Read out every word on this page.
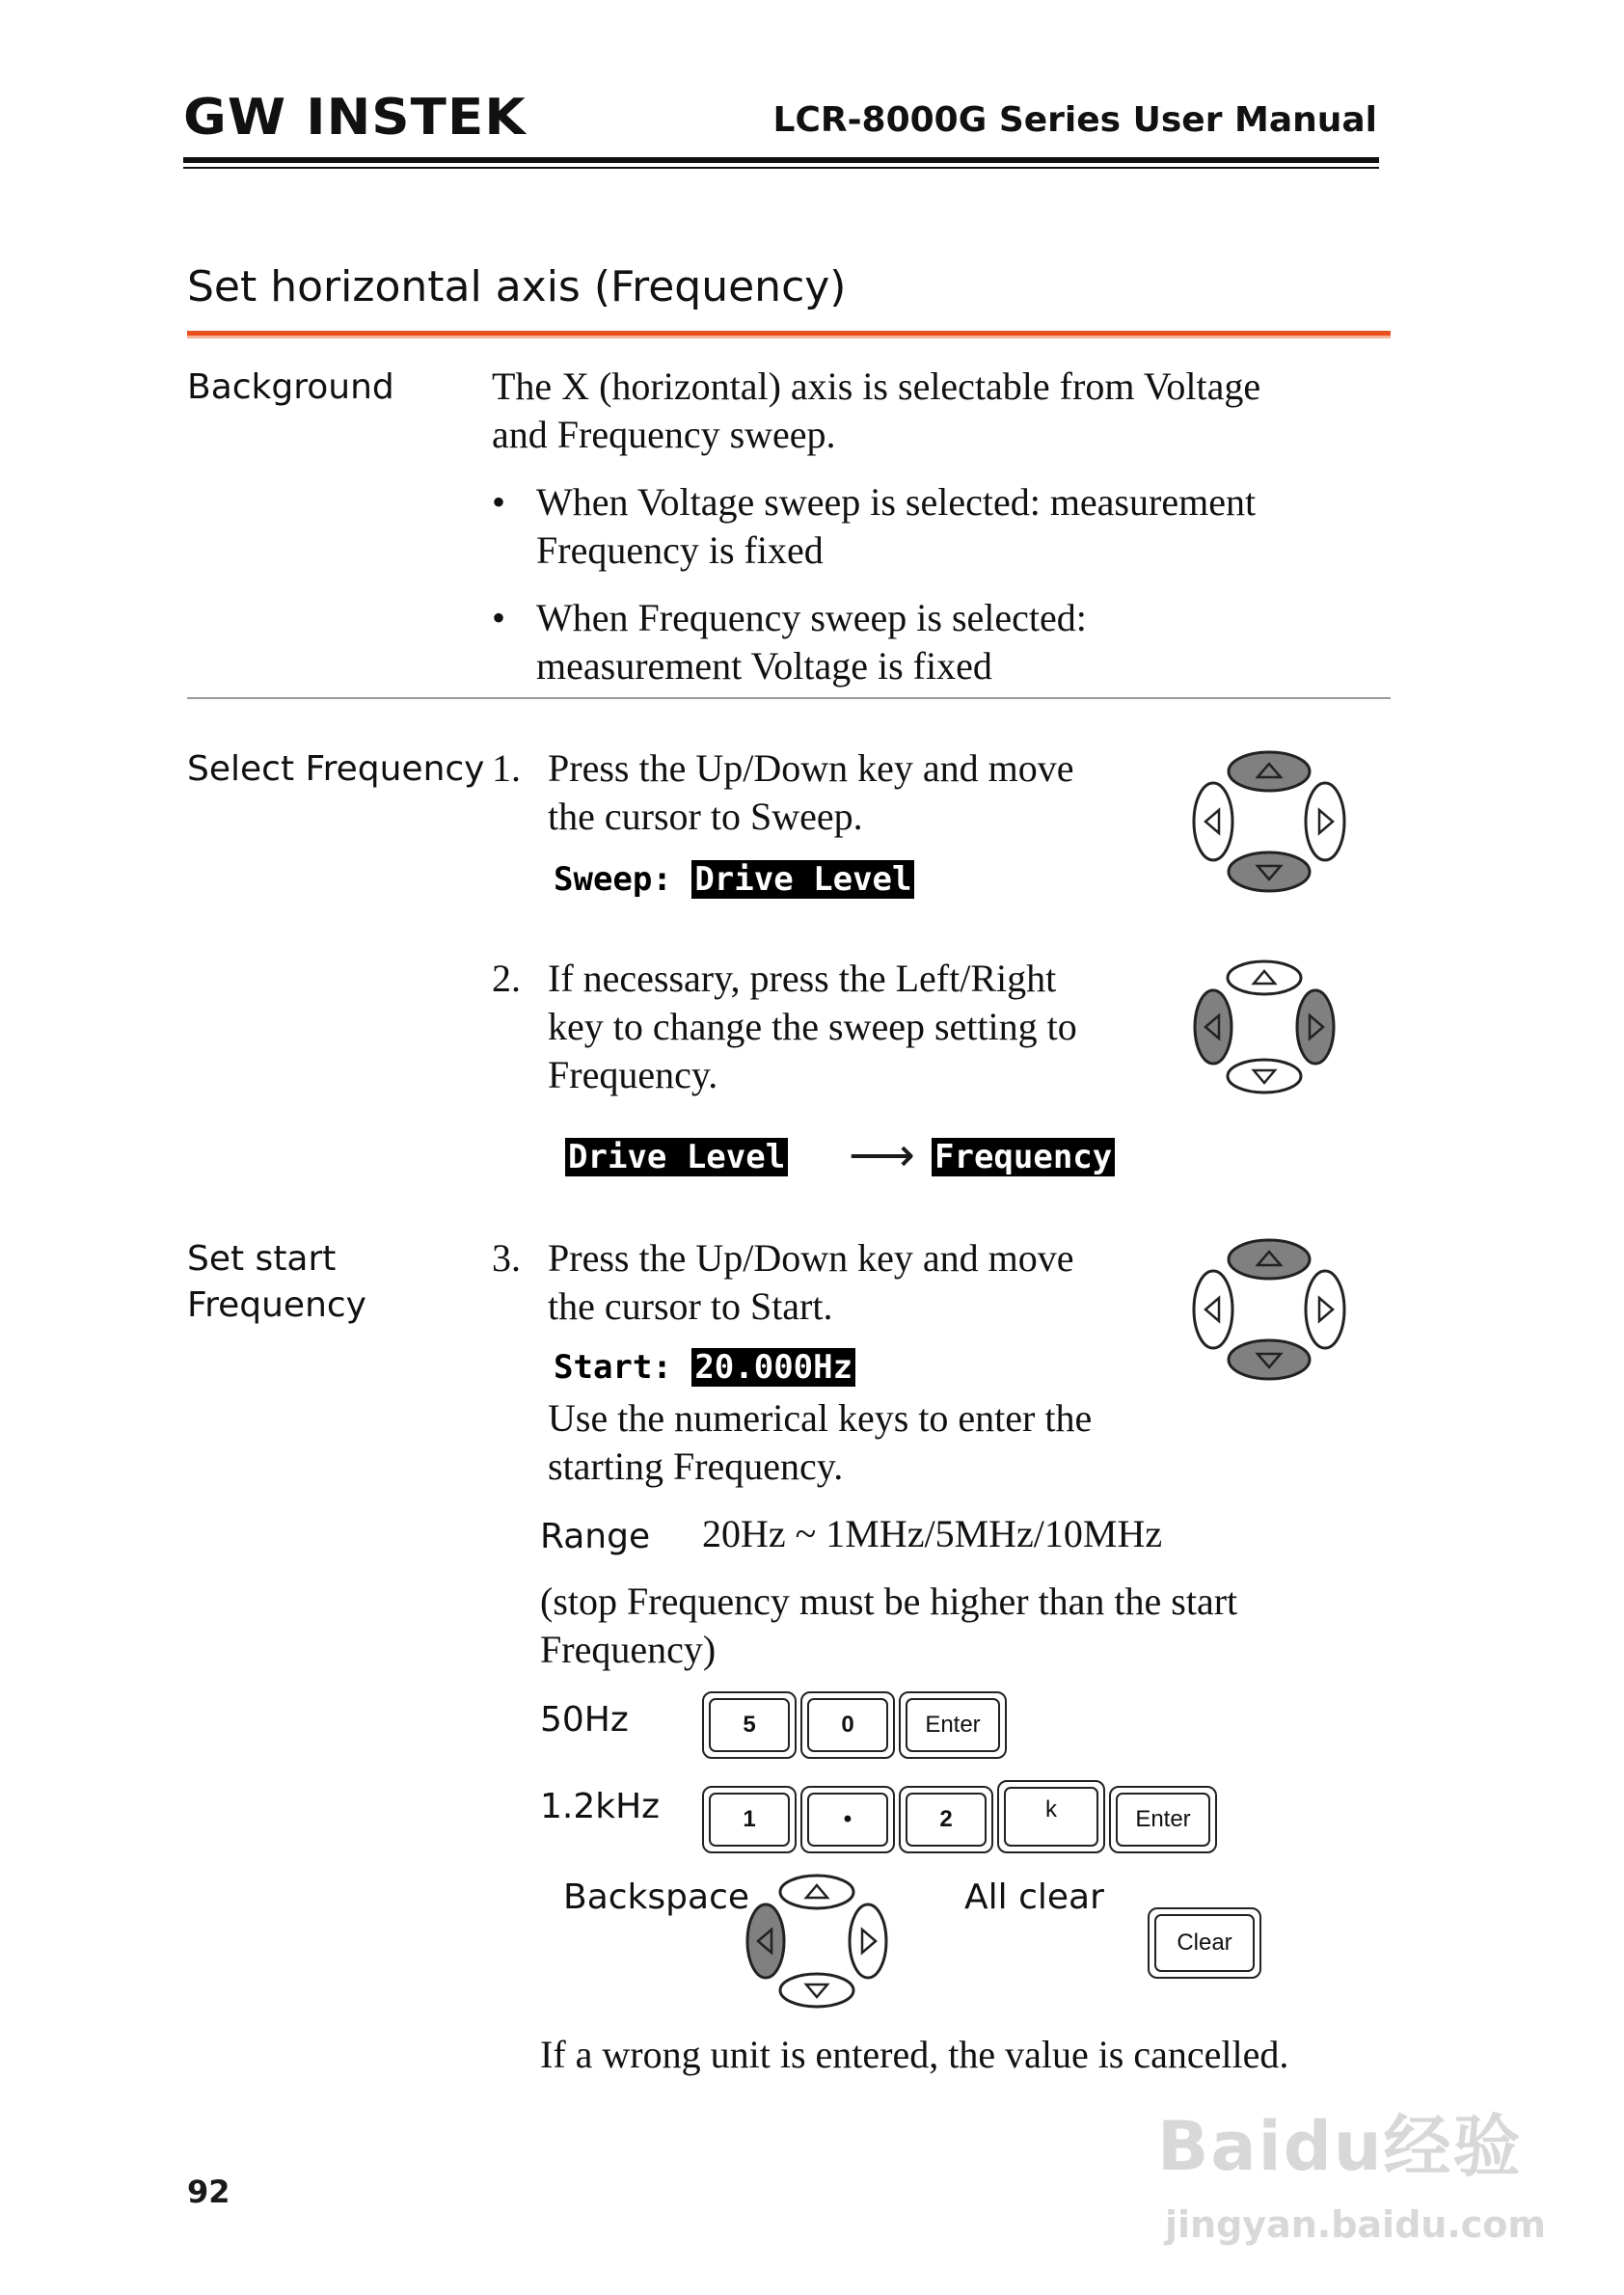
GW INSTEK	LCR-8000G Series User Manual
Set horizontal axis (Frequency)
Background	The X (horizontal) axis is selectable from Voltage
and Frequency sweep.
• When Voltage sweep is selected: measurement
Frequency is fixed
• When Frequency sweep is selected:
measurement Voltage is fixed
Select Frequency 1. Press the Up/Down key and move
the cursor to Sweep.
Sweep: Drive Level
2. If necessary, press the Left/Right
key to change the sweep setting to
Frequency.
Drive Level ⟶ Frequency
Set start
Frequency
3. Press the Up/Down key and move
the cursor to Start.
Start: 20.000Hz
Use the numerical keys to enter the
starting Frequency.
Range 20Hz ~ 1MHz/5MHz/10MHz
(stop Frequency must be higher than the start
Frequency)
50Hz	5	0	Enter
1.2kHz	1	•	2	k	Enter
Backspace	All clear
Clear
If a wrong unit is entered, the value is cancelled.
92
Baidu经验
jingyan.baidu.com
